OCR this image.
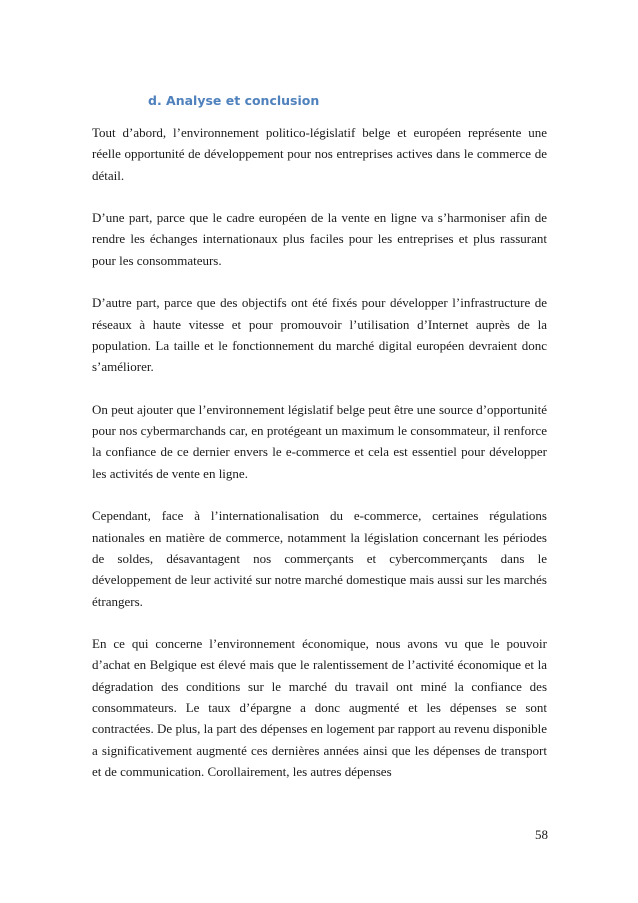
d. Analyse et conclusion

Tout d’abord, l’environnement politico-législatif belge et européen représente une réelle opportunité de développement pour nos entreprises actives dans le commerce de détail.

D’une part, parce que le cadre européen de la vente en ligne va s’harmoniser afin de rendre les échanges internationaux plus faciles pour les entreprises et plus rassurant pour les consommateurs.

D’autre part, parce que des objectifs ont été fixés pour développer l’infrastructure de réseaux à haute vitesse et pour promouvoir l’utilisation d’Internet auprès de la population. La taille et le fonctionnement du marché digital européen devraient donc s’améliorer.

On peut ajouter que l’environnement législatif belge peut être une source d’opportunité pour nos cybermarchands car, en protégeant un maximum le consommateur, il renforce la confiance de ce dernier envers le e-commerce et cela est essentiel pour développer les activités de vente en ligne.

Cependant, face à l’internationalisation du e-commerce, certaines régulations nationales en matière de commerce, notamment la législation concernant les périodes de soldes, désavantagent nos commerçants et cybercommerçants dans le développement de leur activité sur notre marché domestique mais aussi sur les marchés étrangers.

En ce qui concerne l’environnement économique, nous avons vu que le pouvoir d’achat en Belgique est élevé mais que le ralentissement de l’activité économique et la dégradation des conditions sur le marché du travail ont miné la confiance des consommateurs. Le taux d’épargne a donc augmenté et les dépenses se sont contractées. De plus, la part des dépenses en logement par rapport au revenu disponible a significativement augmenté ces dernières années ainsi que les dépenses de transport et de communication. Corollairement, les autres dépenses

58
